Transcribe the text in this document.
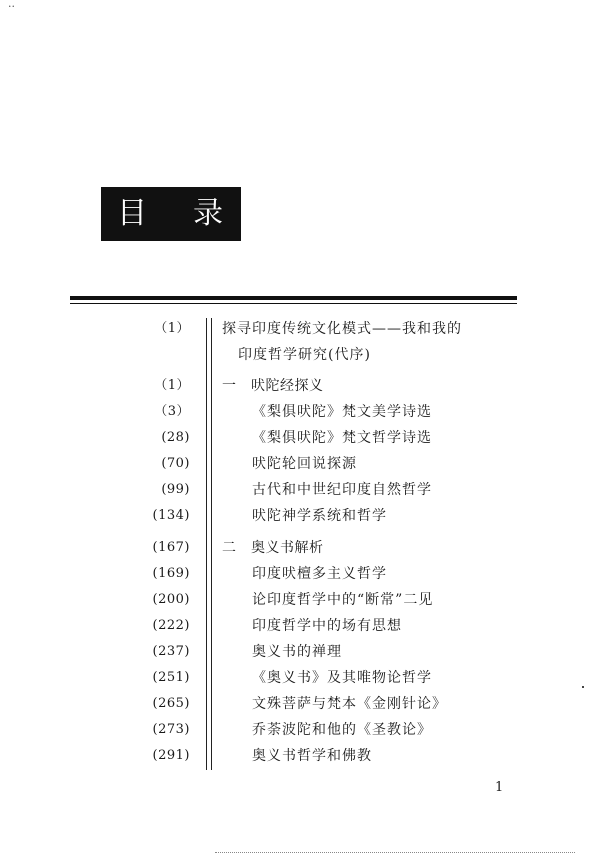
··
目 录
（1） 探寻印度传统文化模式——我和我的
印度哲学研究(代序)
（1） 一　吠陀经探义
（3）	《梨俱吠陀》梵文美学诗选
(28)	《梨俱吠陀》梵文哲学诗选
(70)	吠陀轮回说探源
(99)	古代和中世纪印度自然哲学
(134)	吠陀神学系统和哲学
(167) 二　奥义书解析
(169)	印度吠檀多主义哲学
(200)	论印度哲学中的“断常”二见
(222)	印度哲学中的场有思想
(237)	奥义书的禅理
(251)	《奥义书》及其唯物论哲学
(265)	文殊菩萨与梵本《金刚针论》
(273)	乔荼波陀和他的《圣教论》
(291)	奥义书哲学和佛教
1
